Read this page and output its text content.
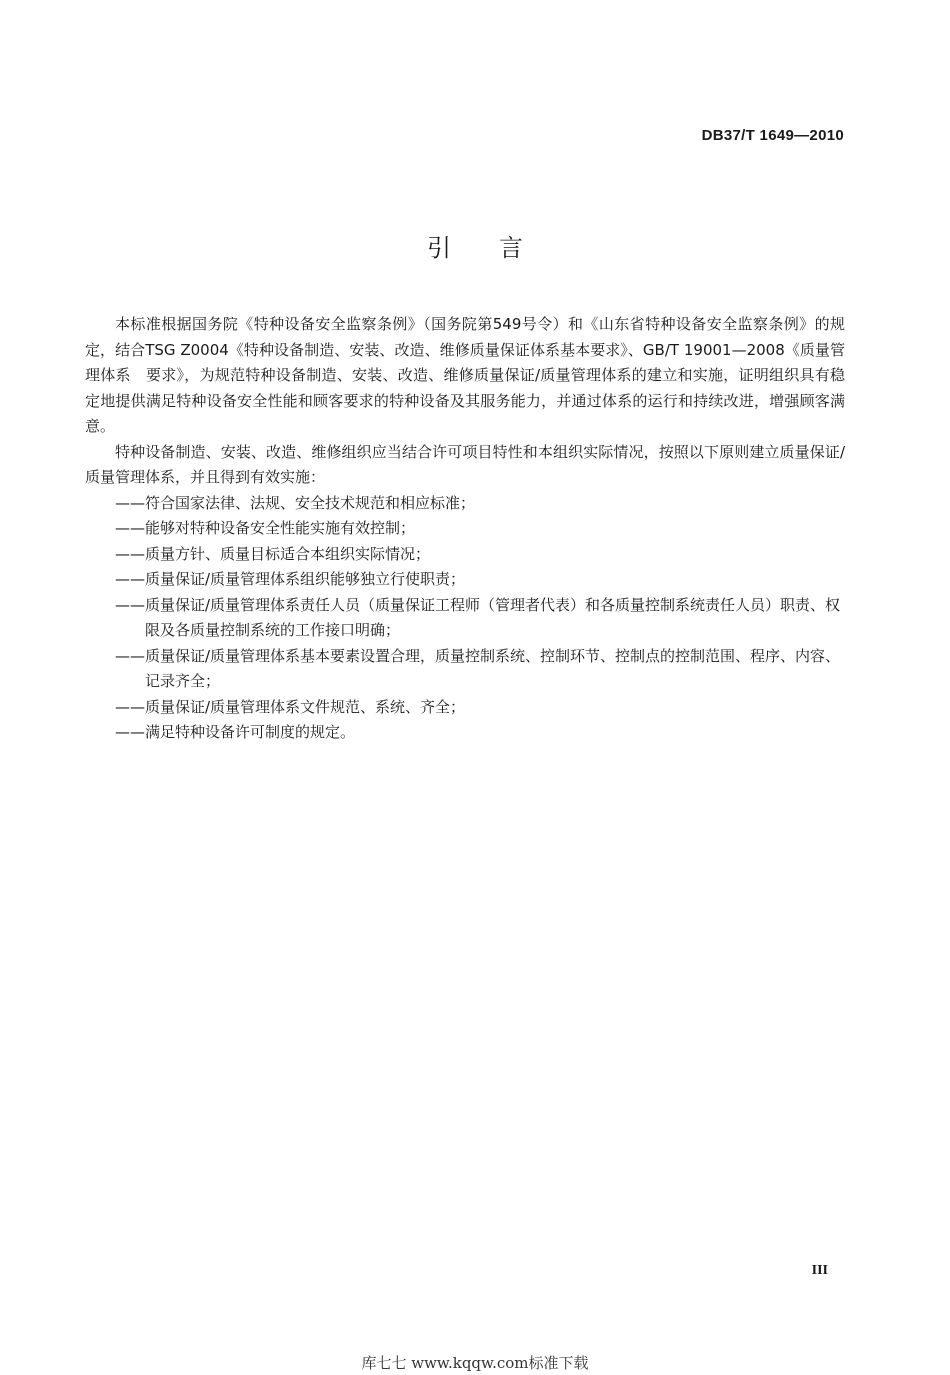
DB37/T 1649—2010
引言

本标准根据国务院《特种设备安全监察条例》（国务院第549号令）和《山东省特种设备安全监察条例》的规定，结合TSG Z0004《特种设备制造、安装、改造、维修质量保证体系基本要求》、GB/T 19001—2008《质量管理体系　要求》，为规范特种设备制造、安装、改造、维修质量保证/质量管理体系的建立和实施，证明组织具有稳定地提供满足特种设备安全性能和顾客要求的特种设备及其服务能力，并通过体系的运行和持续改进，增强顾客满意。

特种设备制造、安装、改造、维修组织应当结合许可项目特性和本组织实际情况，按照以下原则建立质量保证/质量管理体系，并且得到有效实施：

—— 符合国家法律、法规、安全技术规范和相应标准；
—— 能够对特种设备安全性能实施有效控制；
—— 质量方针、质量目标适合本组织实际情况；
—— 质量保证/质量管理体系组织能够独立行使职责；
—— 质量保证/质量管理体系责任人员（质量保证工程师（管理者代表）和各质量控制系统责任人员）职责、权限及各质量控制系统的工作接口明确；
—— 质量保证/质量管理体系基本要素设置合理，质量控制系统、控制环节、控制点的控制范围、程序、内容、记录齐全；
—— 质量保证/质量管理体系文件规范、系统、齐全；
—— 满足特种设备许可制度的规定。
III
库七七 www.kqqw.com标准下载
